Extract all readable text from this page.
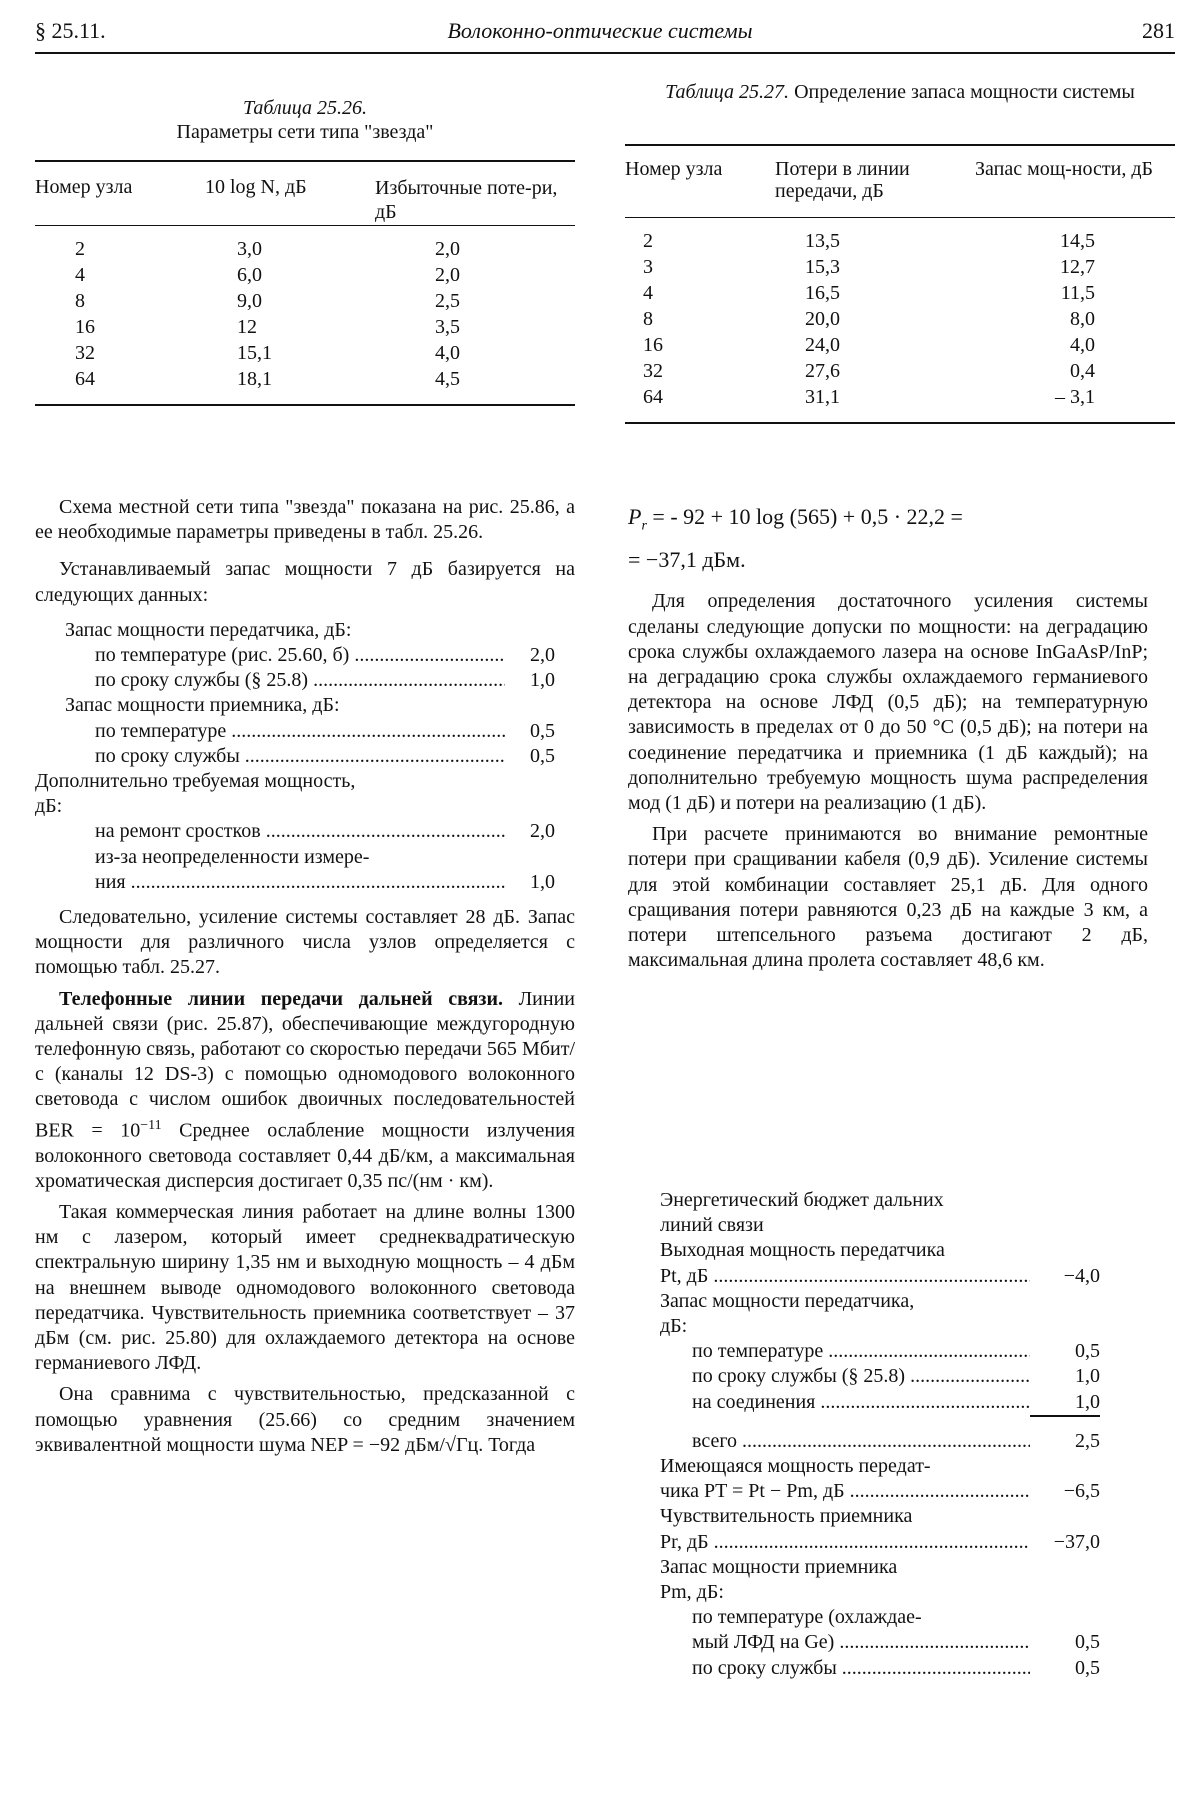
§ 25.11.	Волоконно-оптические системы	281
Таблица 25.26.
Параметры сети типа "звезда"
Номер узла	10 log N, дБ	Избыточные поте-ри, дБ
2	3,0	2,0
4	6,0	2,0
8	9,0	2,5
16	12	3,5
32	15,1	4,0
64	18,1	4,5
Таблица 25.27. Определение запаса мощности системы
Номер узла	Потери в линии передачи, дБ	Запас мощ-ности, дБ
2	13,5	14,5
3	15,3	12,7
4	16,5	11,5
8	20,0	8,0
16	24,0	4,0
32	27,6	0,4
64	31,1	– 3,1

Схема местной сети типа "звезда" показана на рис. 25.86, а ее необходимые параметры приведены в табл. 25.26.

Устанавливаемый запас мощности 7 дБ базируется на следующих данных:

Запас мощности передатчика, дБ:
по температуре (рис. 25.60, б) .....	2,0
по сроку службы (§ 25.8) .....	1,0
Запас мощности приемника, дБ:
по температуре .....	0,5
по сроку службы .....	0,5
Дополнительно требуемая мощность,
дБ:
на ремонт сростков .....	2,0
из-за неопределенности измере-
ния .....	1,0

Следовательно, усиление системы составляет 28 дБ. Запас мощности для различного числа узлов определяется с помощью табл. 25.27.

Телефонные линии передачи дальней связи. Линии дальней связи (рис. 25.87), обеспечивающие междугородную телефонную связь, работают со скоростью передачи 565 Мбит/с (каналы 12 DS-3) с помощью одномодового волоконного световода с числом ошибок двоичных последовательностей BER = $10^{-11}$ Среднее ослабление мощности излучения волоконного световода составляет 0,44 дБ/км, а максимальная хроматическая дисперсия достигает 0,35 пс/(нм · км).

Такая коммерческая линия работает на длине волны 1300 нм с лазером, который имеет среднеквадратическую спектральную ширину 1,35 нм и выходную мощность – 4 дБм на внешнем выводе одномодового волоконного световода передатчика. Чувствительность приемника соответствует – 37 дБм (см. рис. 25.80) для охлаждаемого детектора на основе германиевого ЛФД.

Она сравнима с чувствительностью, предсказанной с помощью уравнения (25.66) со средним значением эквивалентной мощности шума NEP = −92 дБм/√Гц. Тогда

$P_r$ = - 92 + 10 log (565) + 0,5 · 22,2 =
= −37,1 дБм.

Для определения достаточного усиления системы сделаны следующие допуски по мощности: на деградацию срока службы охлаждаемого лазера на основе InGaAsP/InP; на деградацию срока службы охлаждаемого германиевого детектора на основе ЛФД (0,5 дБ); на температурную зависимость в пределах от 0 до 50 °С (0,5 дБ); на потери на соединение передатчика и приемника (1 дБ каждый); на дополнительно требуемую мощность шума распределения мод (1 дБ) и потери на реализацию (1 дБ).

При расчете принимаются во внимание ремонтные потери при сращивании кабеля (0,9 дБ). Усиление системы для этой комбинации составляет 25,1 дБ. Для одного сращивания потери равняются 0,23 дБ на каждые 3 км, а потери штепсельного разъема достигают 2 дБ, максимальная длина пролета составляет 48,6 км.

Энергетический бюджет дальних
линий связи
Выходная мощность передатчика
Pt, дБ .....	−4,0
Запас мощности передатчика,
дБ:
по температуре .....	0,5
по сроку службы (§ 25.8) .....	1,0
на соединения .....	1,0
всего .....	2,5
Имеющаяся мощность передат-
чика PT = Pt − Pm, дБ .....	−6,5
Чувствительность приемника
Pr, дБ .....	−37,0
Запас мощности приемника
Pm, дБ:
по температуре (охлаждае-
мый ЛФД на Ge) .....	0,5
по сроку службы .....	0,5
